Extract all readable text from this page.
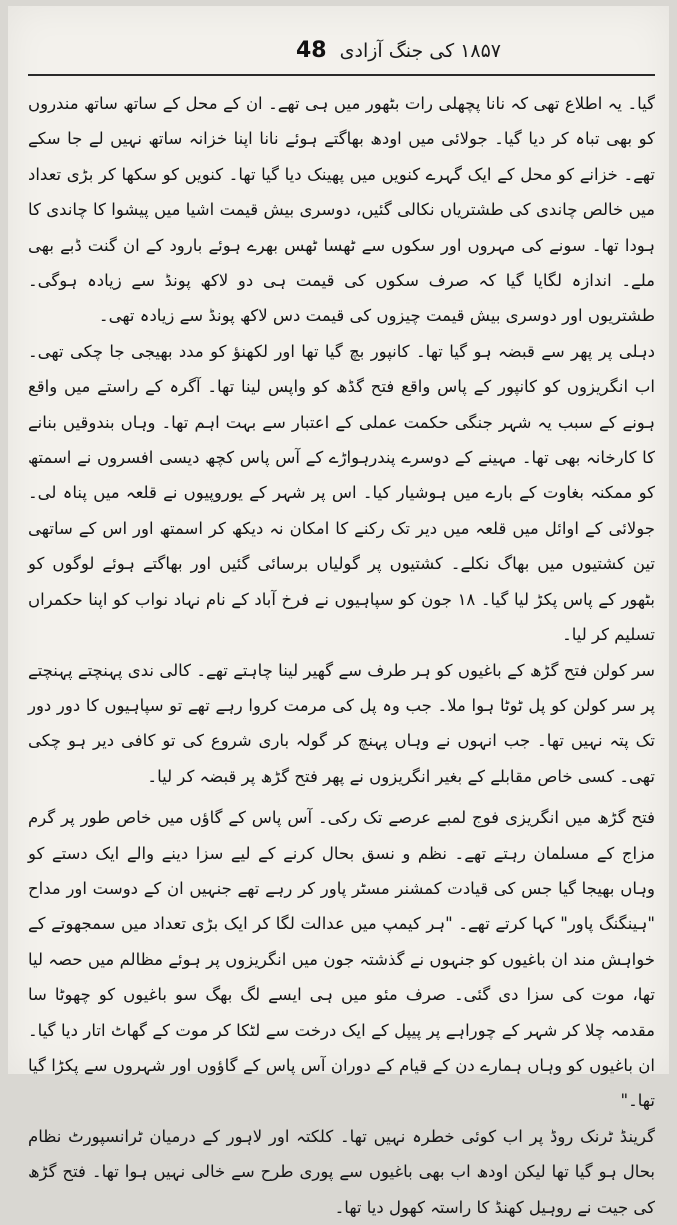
48 ۱۸۵۷ کی جنگ آزادی

گیا۔ یہ اطلاع تھی کہ نانا پچھلی رات بٹھور میں ہی تھے۔ ان کے محل کے ساتھ ساتھ مندروں کو بھی تباہ کر دیا گیا۔ جولائی میں اودھ بھاگتے ہوئے نانا اپنا خزانہ ساتھ نہیں لے جا سکے تھے۔ خزانے کو محل کے ایک گہرے کنویں میں پھینک دیا گیا تھا۔ کنویں کو سکھا کر بڑی تعداد میں خالص چاندی کی طشتریاں نکالی گئیں، دوسری بیش قیمت اشیا میں پیشوا کا چاندی کا ہودا تھا۔ سونے کی مہروں اور سکوں سے ٹھسا ٹھس بھرے ہوئے بارود کے ان گنت ڈبے بھی ملے۔ اندازہ لگایا گیا کہ صرف سکوں کی قیمت ہی دو لاکھ پونڈ سے زیادہ ہوگی۔ طشتریوں اور دوسری بیش قیمت چیزوں کی قیمت دس لاکھ پونڈ سے زیادہ تھی۔

دہلی پر پھر سے قبضہ ہو گیا تھا۔ کانپور بچ گیا تھا اور لکھنؤ کو مدد بھیجی جا چکی تھی۔ اب انگریزوں کو کانپور کے پاس واقع فتح گڈھ کو واپس لینا تھا۔ آگرہ کے راستے میں واقع ہونے کے سبب یہ شہر جنگی حکمت عملی کے اعتبار سے بہت اہم تھا۔ وہاں بندوقیں بنانے کا کارخانہ بھی تھا۔ مہینے کے دوسرے پندرہواڑے کے آس پاس کچھ دیسی افسروں نے اسمتھ کو ممکنہ بغاوت کے بارے میں ہوشیار کیا۔ اس پر شہر کے یوروپیوں نے قلعہ میں پناہ لی۔ جولائی کے اوائل میں قلعہ میں دیر تک رکنے کا امکان نہ دیکھ کر اسمتھ اور اس کے ساتھی تین کشتیوں میں بھاگ نکلے۔ کشتیوں پر گولیاں برسائی گئیں اور بھاگتے ہوئے لوگوں کو بٹھور کے پاس پکڑ لیا گیا۔ ۱۸ جون کو سپاہیوں نے فرخ آباد کے نام نہاد نواب کو اپنا حکمراں تسلیم کر لیا۔

سر کولن فتح گڑھ کے باغیوں کو ہر طرف سے گھیر لینا چاہتے تھے۔ کالی ندی پہنچتے پہنچتے پر سر کولن کو پل ٹوٹا ہوا ملا۔ جب وہ پل کی مرمت کروا رہے تھے تو سپاہیوں کا دور دور تک پتہ نہیں تھا۔ جب انہوں نے وہاں پہنچ کر گولہ باری شروع کی تو کافی دیر ہو چکی تھی۔ کسی خاص مقابلے کے بغیر انگریزوں نے پھر فتح گڑھ پر قبضہ کر لیا۔

فتح گڑھ میں انگریزی فوج لمبے عرصے تک رکی۔ آس پاس کے گاؤں میں خاص طور پر گرم مزاج کے مسلمان رہتے تھے۔ نظم و نسق بحال کرنے کے لیے سزا دینے والے ایک دستے کو وہاں بھیجا گیا جس کی قیادت کمشنر مسٹر پاور کر رہے تھے جنہیں ان کے دوست اور مداح "ہینگنگ پاور" کہا کرتے تھے۔ "ہر کیمپ میں عدالت لگا کر ایک بڑی تعداد میں سمجھوتے کے خواہش مند ان باغیوں کو جنہوں نے گذشتہ جون میں انگریزوں پر ہوئے مظالم میں حصہ لیا تھا، موت کی سزا دی گئی۔ صرف مئو میں ہی ایسے لگ بھگ سو باغیوں کو چھوٹا سا مقدمہ چلا کر شہر کے چوراہے پر پیپل کے ایک درخت سے لٹکا کر موت کے گھاٹ اتار دیا گیا۔ ان باغیوں کو وہاں ہمارے دن کے قیام کے دوران آس پاس کے گاؤوں اور شہروں سے پکڑا گیا تھا۔"

گرینڈ ٹرنک روڈ پر اب کوئی خطرہ نہیں تھا۔ کلکتہ اور لاہور کے درمیان ٹرانسپورٹ نظام بحال ہو گیا تھا لیکن اودھ اب بھی باغیوں سے پوری طرح سے خالی نہیں ہوا تھا۔ فتح گڑھ کی جیت نے روہیل کھنڈ کا راستہ کھول دیا تھا۔
